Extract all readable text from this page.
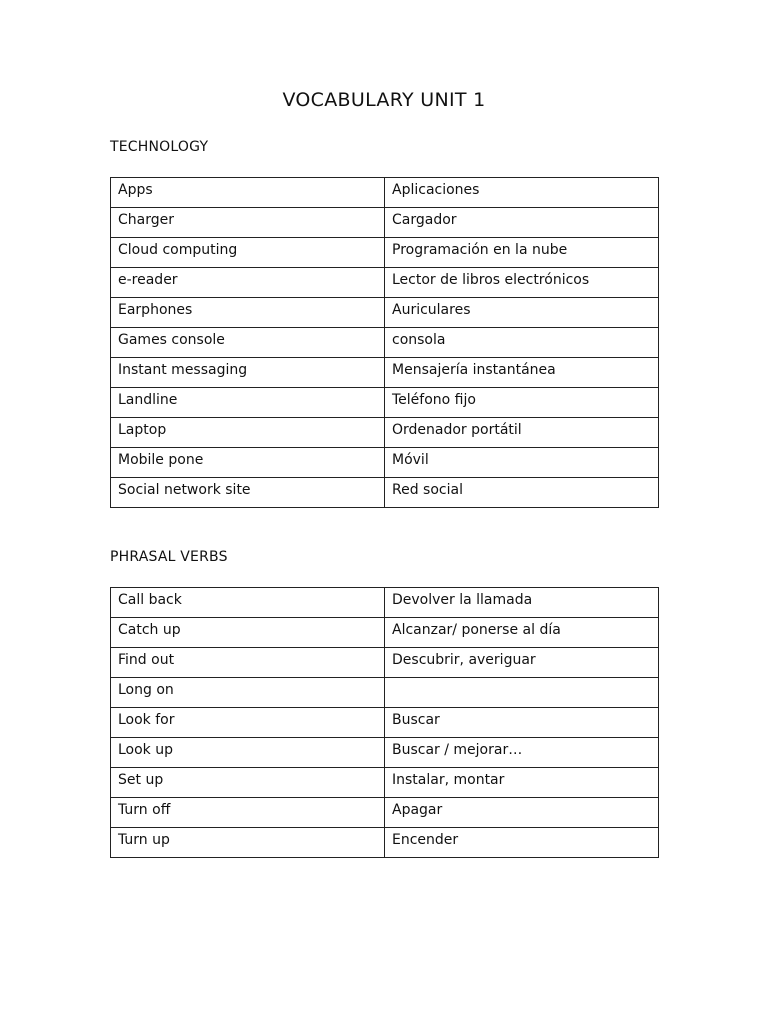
VOCABULARY UNIT 1
TECHNOLOGY
Apps	Aplicaciones
Charger	Cargador
Cloud computing	Programación en la nube
e-reader	Lector de libros electrónicos
Earphones	Auriculares
Games console	consola
Instant messaging	Mensajería instantánea
Landline	Teléfono fijo
Laptop	Ordenador portátil
Mobile pone	Móvil
Social network site	Red social
PHRASAL VERBS
Call back	Devolver la llamada
Catch up	Alcanzar/ ponerse al día
Find out	Descubrir, averiguar
Long on	
Look for	Buscar
Look up	Buscar / mejorar…
Set up	Instalar, montar
Turn off	Apagar
Turn up	Encender
